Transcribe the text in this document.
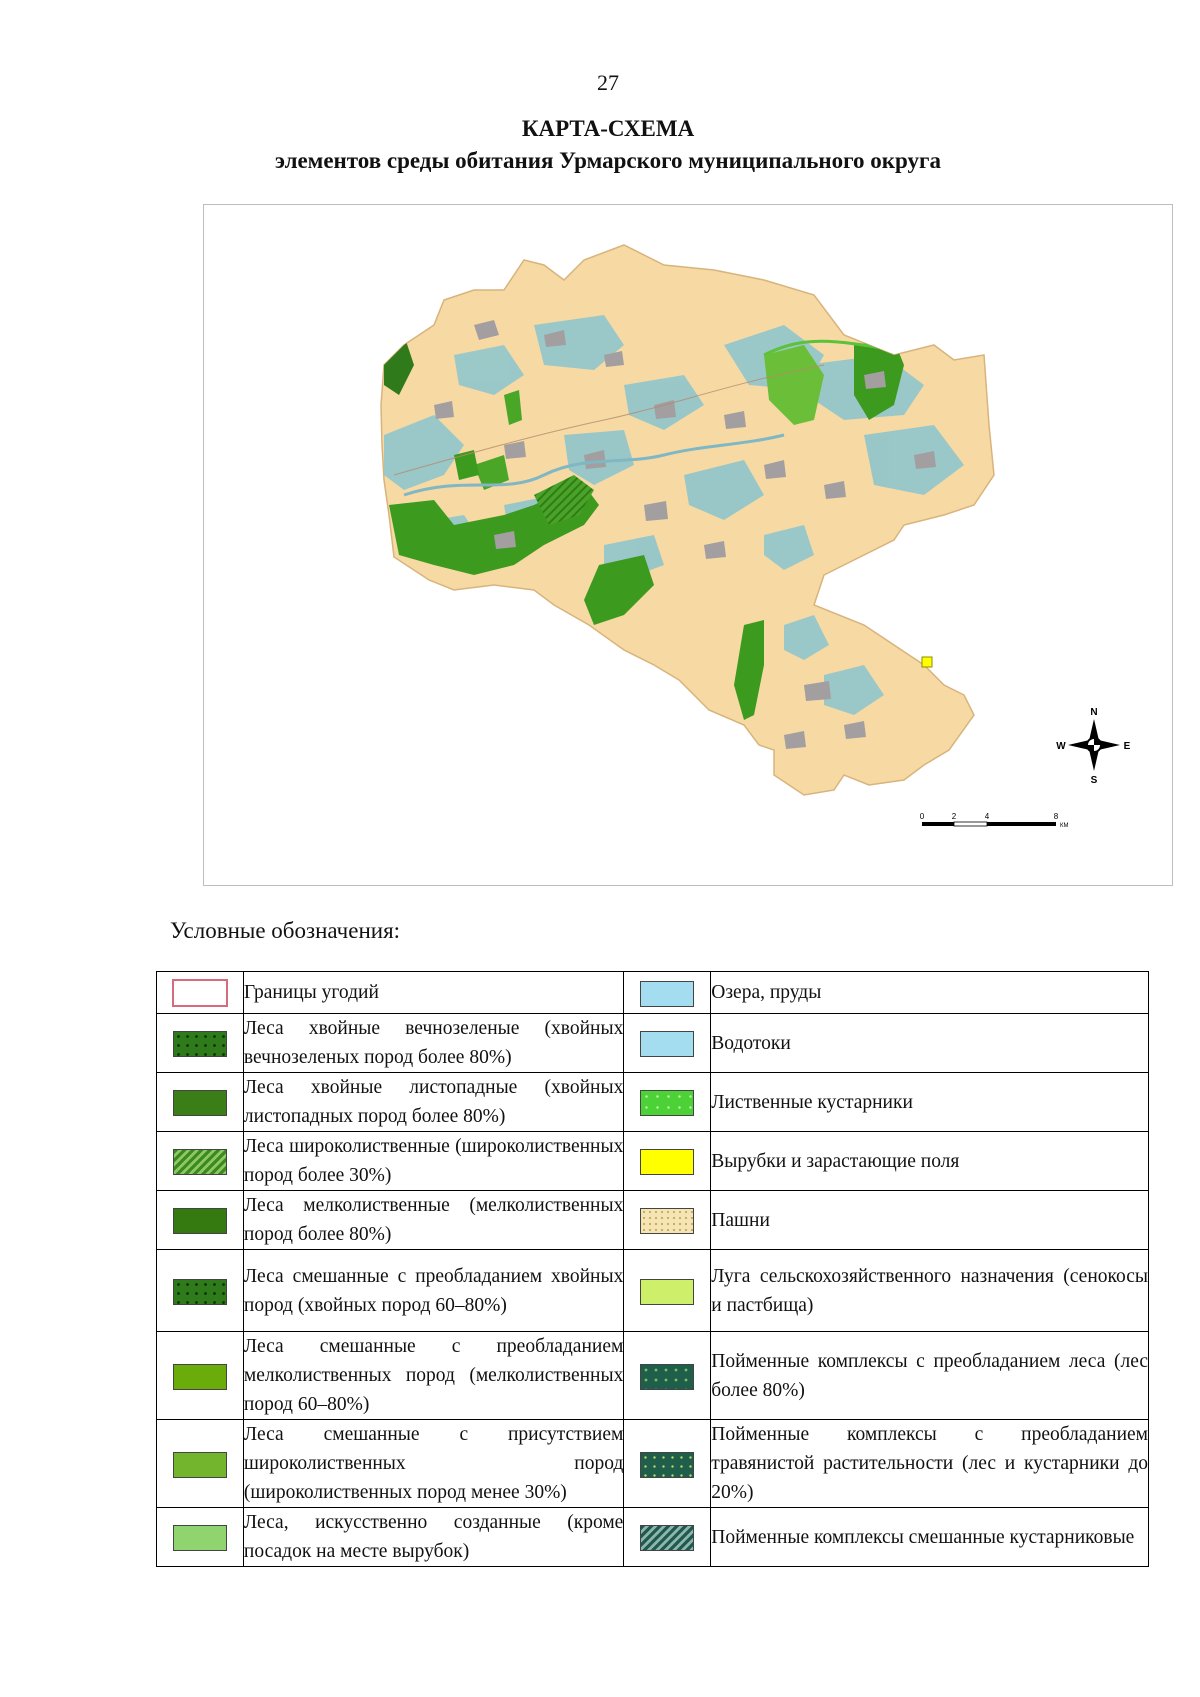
27
КАРТА-СХЕМА
элементов среды обитания Урмарского муниципального округа
N
S
E
W
0	2	4	8
КМ
Условные обозначения:
	Границы угодий		Озера, пруды
	Леса хвойные вечнозеленые (хвойных вечнозеленых пород более 80%)		Водотоки
	Леса хвойные листопадные (хвойных листопадных пород более 80%)		Лиственные кустарники
	Леса широколиственные (широколиственных пород более 30%)		Вырубки и зарастающие поля
	Леса мелколиственные (мелколиственных пород более 80%)		Пашни
	Леса смешанные с преобладанием хвойных пород (хвойных пород 60–80%)		Луга сельскохозяйственного назначения (сенокосы и пастбища)
	Леса смешанные с преобладанием мелколиственных пород (мелколиственных пород 60–80%)		Пойменные комплексы с преобладанием леса (лес более 80%)
	Леса смешанные с присутствием широколиственных пород (широколиственных пород менее 30%)		Пойменные комплексы с преобладанием травянистой растительности (лес и кустарники до 20%)
	Леса, искусственно созданные (кроме посадок на месте вырубок)		Пойменные комплексы смешанные кустарниковые
